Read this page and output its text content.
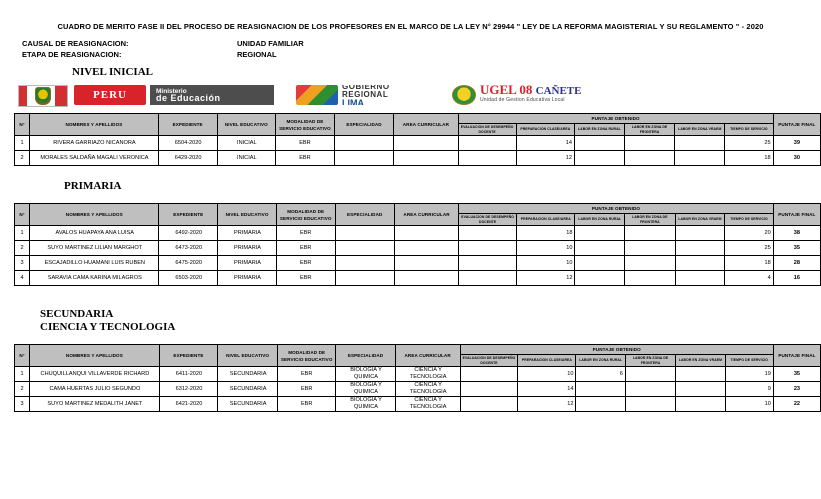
CUADRO DE MERITO FASE II DEL PROCESO DE REASIGNACION DE LOS PROFESORES EN EL MARCO DE LA LEY N° 29944 " LEY DE LA REFORMA MAGISTERIAL Y SU REGLAMENTO " - 2020
CAUSAL DE REASIGNACION:	UNIDAD FAMILIAR
ETAPA DE REASIGNACION:	REGIONAL
NIVEL INICIAL
PERU	Ministerio
de Educación
GOBIERNO REGIONAL
LIMA
UGEL 08 CAÑETE
Unidad de Gestion Educativa Local
N°	NOMBRES Y APELLIDOS	EXPEDIENTE	NIVEL EDUCATIVO	MODALIDAD DE SERVICIO EDUCATIVO	ESPECIALIDAD	AREA CURRICULAR	PUNTAJE OBTENIDO						PUNTAJE FINAL
							EVALUACION DE DESEMPEÑO DOCENTE	PREPARACION CLASE/AREA	LABOR EN ZONA RURAL	LABOR EN ZONA DE FRONTERA	LABOR EN ZONA VRAEM	TIEMPO DE SERVICIO	
1	RIVERA GARRIAZO NICANORA	6504-2020	INICIAL	EBR				14				25	39
2	MORALES SALDAÑA MAGALI VERONICA	6429-2020	INICIAL	EBR				12				18	30
PRIMARIA
N°	NOMBRES Y APELLIDOS	EXPEDIENTE	NIVEL EDUCATIVO	MODALIDAD DE SERVICIO EDUCATIVO	ESPECIALIDAD	AREA CURRICULAR	PUNTAJE OBTENIDO						PUNTAJE FINAL
							EVALUACION DE DESEMPEÑO DOCENTE	PREPARACION CLASE/AREA	LABOR EN ZONA RURAL	LABOR EN ZONA DE FRONTERA	LABOR EN ZONA VRAEM	TIEMPO DE SERVICIO	
1	AVALOS HUAPAYA ANA LUISA	6492-2020	PRIMARIA	EBR				18				20	38
2	SUYO MARTINEZ LILIAN MARGHOT	6473-2020	PRIMARIA	EBR				10				25	35
3	ESCAJADILLO HUAMANI LUIS RUBEN	6475-2020	PRIMARIA	EBR				10				18	28
4	SARAVIA CAMA KARINA MILAGROS	6503-2020	PRIMARIA	EBR				12				4	16
SECUNDARIA
CIENCIA Y TECNOLOGIA
N°	NOMBRES Y APELLIDOS	EXPEDIENTE	NIVEL EDUCATIVO	MODALIDAD DE SERVICIO EDUCATIVO	ESPECIALIDAD	AREA CURRICULAR	PUNTAJE OBTENIDO						PUNTAJE FINAL
							EVALUACION DE DESEMPEÑO DOCENTE	PREPARACION CLASE/AREA	LABOR EN ZONA RURAL	LABOR EN ZONA DE FRONTERA	LABOR EN ZONA VRAEM	TIEMPO DE SERVICIO	
1	CHUQUILLANQUI VILLAVERDE RICHARD	6411-2020	SECUNDARIA	EBR	BIOLOGIA Y QUIMICA	CIENCIA Y TECNOLOGIA		10	6			19	35
2	CAMA HUERTAS JULIO SEGUNDO	6312-2020	SECUNDARIA	EBR	BIOLOGIA Y QUIMICA	CIENCIA Y TECNOLOGIA		14				9	23
3	SUYO MARTINEZ MEDALITH JANET	6421-2020	SECUNDARIA	EBR	BIOLOGIA Y QUIMICA	CIENCIA Y TECNOLOGIA		12				10	22
